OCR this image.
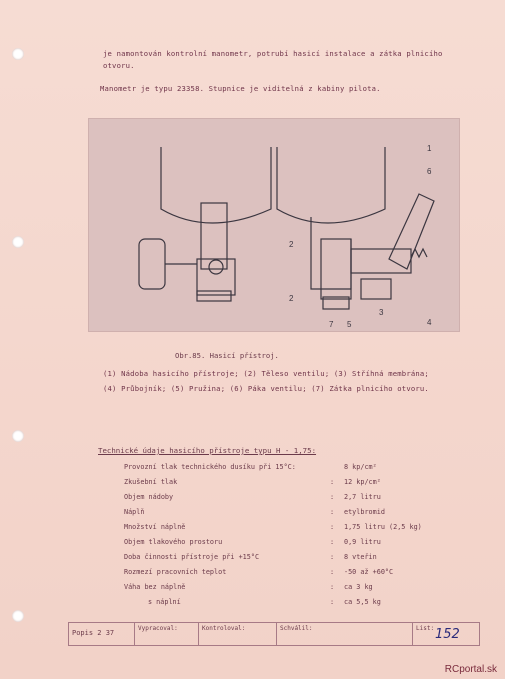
je namontován kontrolní manometr, potrubí hasicí instalace a zátka plnicího
otvoru.
Manometr je typu 23358. Stupnice je viditelná z kabiny pilota.
1
6
2
2
7 5	4
3
Obr.85. Hasicí přístroj.
(1) Nádoba hasicího přístroje; (2) Těleso ventilu; (3) Stříhná membrána;
(4) Průbojník; (5) Pružina; (6) Páka ventilu; (7) Zátka plnicího otvoru.
Technické údaje hasicího přístroje typu H - 1,75:
Provozní tlak technického dusíku při 15°C:	8 kp/cm²
Zkušební tlak	: 12 kp/cm²
Objem nádoby	: 2,7 litru
Náplň	: etylbromid
Množství náplně	: 1,75 litru (2,5 kg)
Objem tlakového prostoru	: 0,9 litru
Doba činnosti přístroje při +15°C	: 8 vteřin
Rozmezí pracovních teplot	: -50 až +60°C
Váha bez náplně	: ca 3 kg
s náplní	: ca 5,5 kg
Popis 2 37
Vypracoval:	Kontroloval:	Schválil:	List: 152
RCportal.sk
